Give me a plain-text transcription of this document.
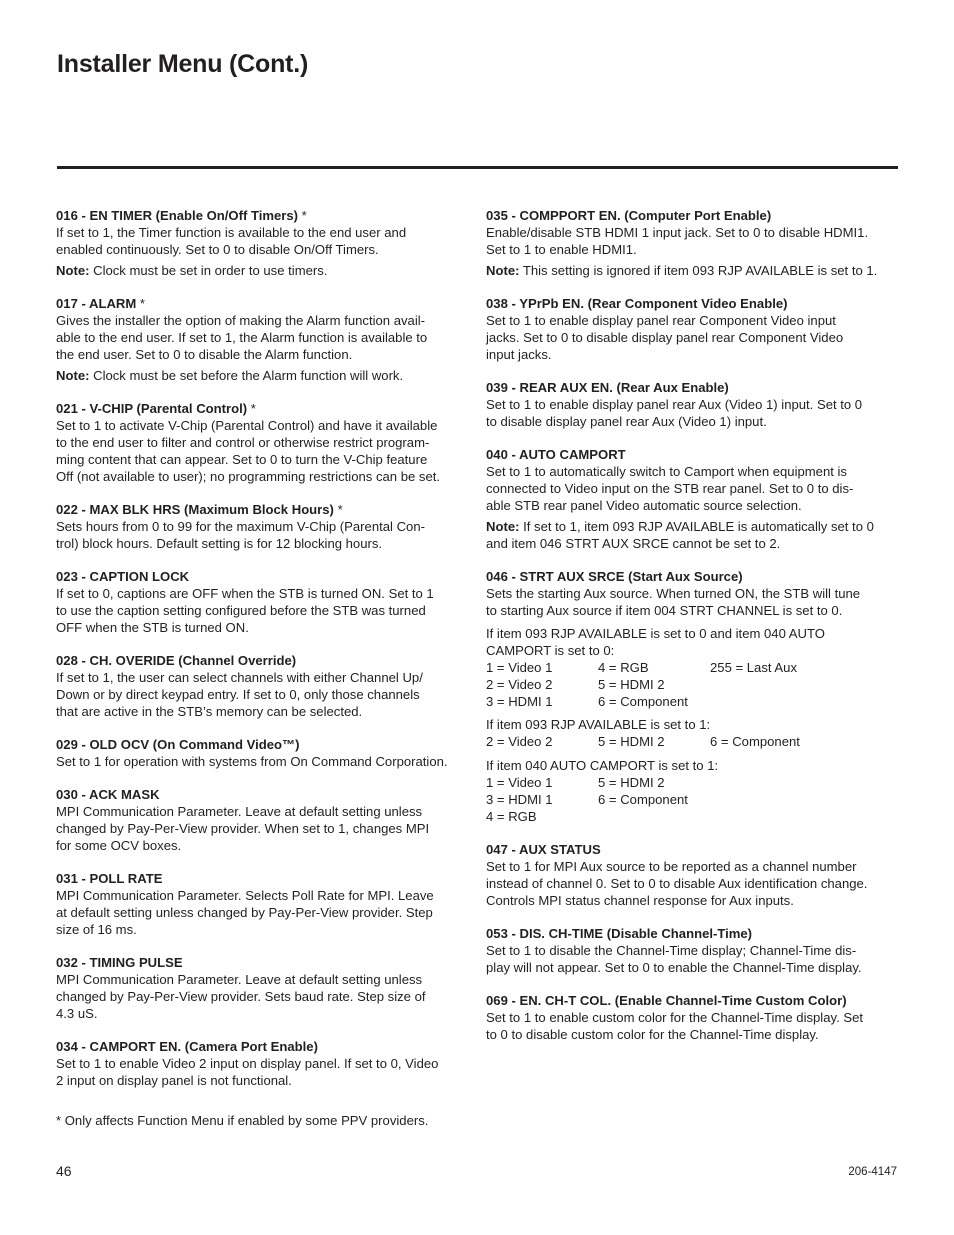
Installer Menu (Cont.)
016 - EN TIMER (Enable On/Off Timers) *

If set to 1, the Timer function is available to the end user and
enabled continuously. Set to 0 to disable On/Off Timers.

Note: Clock must be set in order to use timers.

017 - ALARM *

Gives the installer the option of making the Alarm function avail-
able to the end user. If set to 1, the Alarm function is available to
the end user. Set to 0 to disable the Alarm function.

Note: Clock must be set before the Alarm function will work.

021 - V-CHIP (Parental Control) *

Set to 1 to activate V-Chip (Parental Control) and have it available
to the end user to filter and control or otherwise restrict program-
ming content that can appear. Set to 0 to turn the V-Chip feature
Off (not available to user); no programming restrictions can be set.

022 - MAX BLK HRS (Maximum Block Hours) *

Sets hours from 0 to 99 for the maximum V-Chip (Parental Con-
trol) block hours. Default setting is for 12 blocking hours.

023 - CAPTION LOCK

If set to 0, captions are OFF when the STB is turned ON. Set to 1
to use the caption setting configured before the STB was turned
OFF when the STB is turned ON.

028 - CH. OVERIDE (Channel Override)

If set to 1, the user can select channels with either Channel Up/
Down or by direct keypad entry. If set to 0, only those channels
that are active in the STB’s memory can be selected.

029 - OLD OCV (On Command Video™)

Set to 1 for operation with systems from On Command Corporation.

030 - ACK MASK

MPI Communication Parameter. Leave at default setting unless
changed by Pay-Per-View provider. When set to 1, changes MPI
for some OCV boxes.

031 - POLL RATE

MPI Communication Parameter. Selects Poll Rate for MPI. Leave
at default setting unless changed by Pay-Per-View provider. Step
size of 16 ms.

032 - TIMING PULSE

MPI Communication Parameter. Leave at default setting unless
changed by Pay-Per-View provider. Sets baud rate. Step size of
4.3 uS.

034 - CAMPORT EN. (Camera Port Enable)

Set to 1 to enable Video 2 input on display panel. If set to 0, Video
2 input on display panel is not functional.

035 - COMPPORT EN. (Computer Port Enable)

Enable/disable STB HDMI 1 input jack. Set to 0 to disable HDMI1.
Set to 1 to enable HDMI1.

Note: This setting is ignored if item 093 RJP AVAILABLE is set to 1.

038 - YPrPb EN. (Rear Component Video Enable)

Set to 1 to enable display panel rear Component Video input
jacks. Set to 0 to disable display panel rear Component Video
input jacks.

039 - REAR AUX EN. (Rear Aux Enable)

Set to 1 to enable display panel rear Aux (Video 1) input. Set to 0
to disable display panel rear Aux (Video 1) input.

040 - AUTO CAMPORT

Set to 1 to automatically switch to Camport when equipment is
connected to Video input on the STB rear panel. Set to 0 to dis-
able STB rear panel Video automatic source selection.

Note: If set to 1, item 093 RJP AVAILABLE is automatically set to 0
and item 046 STRT AUX SRCE cannot be set to 2.

046 - STRT AUX SRCE (Start Aux Source)

Sets the starting Aux source. When turned ON, the STB will tune
to starting Aux source if item 004 STRT CHANNEL is set to 0.

If item 093 RJP AVAILABLE is set to 0 and item 040 AUTO
CAMPORT is set to 0:

1 = Video 1	4 = RGB	255 = Last Aux
2 = Video 2	5 = HDMI 2
3 = HDMI 1	6 = Component

If item 093 RJP AVAILABLE is set to 1:

2 = Video 2	5 = HDMI 2	6 = Component

If item 040 AUTO CAMPORT is set to 1:

1 = Video 1	5 = HDMI 2
3 = HDMI 1	6 = Component
4 = RGB
047 - AUX STATUS

Set to 1 for MPI Aux source to be reported as a channel number
instead of channel 0. Set to 0 to disable Aux identification change.
Controls MPI status channel response for Aux inputs.

053 - DIS. CH-TIME (Disable Channel-Time)

Set to 1 to disable the Channel-Time display; Channel-Time dis-
play will not appear. Set to 0 to enable the Channel-Time display.

069 - EN. CH-T COL. (Enable Channel-Time Custom Color)

Set to 1 to enable custom color for the Channel-Time display. Set
to 0 to disable custom color for the Channel-Time display.

* Only affects Function Menu if enabled by some PPV providers.
46	206-4147
